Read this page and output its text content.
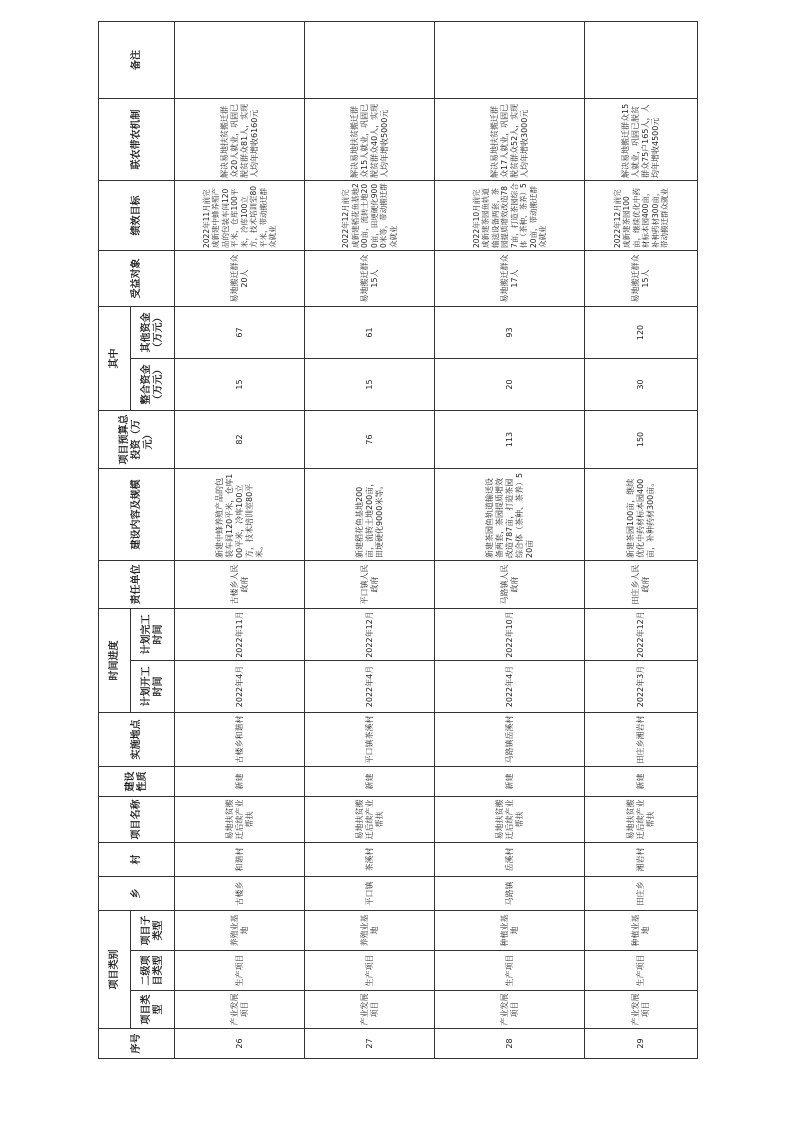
序号	项目类别			乡	村	项目名称	建设性质	实施地点	时间进度		责任单位	建设内容及规模	项目预算总投资（万元）	其中		受益对象	绩效目标	联农带农机制	备注
	项目类型	二级项目类型	项目子类型						计划开工时间	计划完工时间				整合资金（万元）	其他资金（万元）				
26	产业发展项目	生产项目	养殖业基地	古楼乡	和谐村	易地扶贫搬迁后续产业帮扶	新建	古楼乡和谐村	2022年4月	2022年11月	古楼乡人民政府	新建中蜂养殖产品的包装车间120平米，仓库100平米，冷库100立方，技术培训室80平米。	82	15	67	易地搬迁群众20人	2022年11月前完成新建中蜂养殖产品的包装车间120平米，仓库100平米，冷库100立方，技术培训室80平米，带动搬迁群众就业	解决易地扶贫搬迁群众20人就业，巩固已脱贫群众81人，实现人均年增收6160元	
27	产业发展项目	生产项目	养殖业基地	平口镇	茶溪村	易地扶贫搬迁后续产业帮扶	新建	平口镇茶溪村	2022年4月	2022年12月	平口镇人民政府	新建稻花鱼基地200亩，流转土地200亩，田埂硬化9000米等。	76	15	61	易地搬迁群众15人	2022年12月前完成新建稻花鱼基地200亩，流转土地200亩，田埂硬化9000米等，带动搬迁群众就业	解决易地扶贫搬迁群众15人就业，巩固已脱贫群众40人，实现人均年增收5000元	
28	产业发展项目	生产项目	种植业基地	马路镇	岳溪村	易地扶贫搬迁后续产业帮扶	新建	马路镇岳溪村	2022年4月	2022年10月	马路镇人民政府	新建茶园鱼轨道输送设备两套，茶园提质增效改造787亩，打造茶园综合体（茶种、茶养）520亩	113	20	93	易地搬迁群众17人	2022年10月前完成新建茶园鱼轨道输送设备两套，茶园提质增效改造787亩，打造茶园综合体（茶种、茶养）520亩，带动搬迁群众就业	解决易地扶贫搬迁群众17人就业，巩固已脱贫群众52人，实现人均年增收3000元	
29	产业发展项目	生产项目	种植业基地	田庄乡	湘岩村	易地扶贫搬迁后续产业帮扶	新建	田庄乡湘岩村	2022年3月	2022年12月	田庄乡人民政府	新建茶园100亩，继续优化中药材标本园400亩，补种药材300亩。	150	30	120	易地搬迁群众15人	2022年12月前完成新建茶园100亩，继续优化中药材标本园400亩，补种药材300亩，带动搬迁群众就业	解决易地搬迁群众15人就业，巩固已脱贫群众75户165人，人均年增收4500元	
